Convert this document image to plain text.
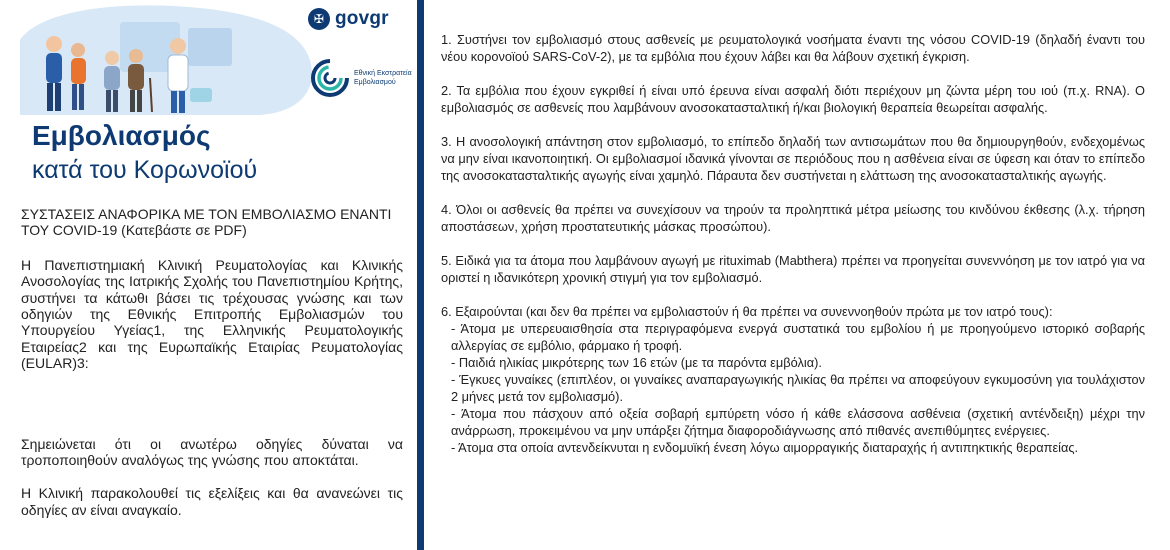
✠ govgr
Εθνική Εκστρατεία Εμβολιασμού
Εμβολιασμός
κατά του Κορωνοϊού

ΣΥΣΤΑΣΕΙΣ ΑΝΑΦΟΡΙΚΑ ΜΕ ΤΟΝ ΕΜΒΟΛΙΑΣΜΟ ΕΝΑΝΤΙ ΤΟΥ COVID-19 (Κατεβάστε σε PDF)

Η Πανεπιστημιακή Κλινική Ρευματολογίας και Κλινικής Ανοσολογίας της Ιατρικής Σχολής του Πανεπιστημίου Κρήτης, συστήνει τα κάτωθι βάσει τις τρέχουσας γνώσης και των οδηγιών της Εθνικής Επιτροπής Εμβολιασμών του Υπουργείου Υγείας1, της Ελληνικής Ρευματολογικής Εταιρείας2 και της Ευρωπαϊκής Εταιρίας Ρευματολογίας (EULAR)3:

Σημειώνεται ότι οι ανωτέρω οδηγίες δύναται να τροποποιηθούν αναλόγως της γνώσης που αποκτάται.

Η Κλινική παρακολουθεί τις εξελίξεις και θα ανανεώνει τις οδηγίες αν είναι αναγκαίο.

1. Συστήνει τον εμβολιασμό στους ασθενείς με ρευματολογικά νοσήματα έναντι της νόσου COVID-19 (δηλαδή έναντι του νέου κορονοϊού SARS-CoV-2), με τα εμβόλια που έχουν λάβει και θα λάβουν σχετική έγκριση.

2. Τα εμβόλια που έχουν εγκριθεί ή είναι υπό έρευνα είναι ασφαλή διότι περιέχουν μη ζώντα μέρη του ιού (π.χ. RNA). Ο εμβολιασμός σε ασθενείς που λαμβάνουν ανοσοκατασταλτική ή/και βιολογική θεραπεία θεωρείται ασφαλής.

3. Η ανοσολογική απάντηση στον εμβολιασμό, το επίπεδο δηλαδή των αντισωμάτων που θα δημιουργηθούν, ενδεχομένως να μην είναι ικανοποιητική. Οι εμβολιασμοί ιδανικά γίνονται σε περιόδους που η ασθένεια είναι σε ύφεση και όταν το επίπεδο της ανοσοκατασταλτικής αγωγής είναι χαμηλό. Πάραυτα δεν συστήνεται η ελάττωση της ανοσοκατασταλτικής αγωγής.

4. Όλοι οι ασθενείς θα πρέπει να συνεχίσουν να τηρούν τα προληπτικά μέτρα μείωσης του κινδύνου έκθεσης (λ.χ. τήρηση αποστάσεων, χρήση προστατευτικής μάσκας προσώπου).

5. Ειδικά για τα άτομα που λαμβάνουν αγωγή με rituximab (Mabthera) πρέπει να προηγείται συνεννόηση με τον ιατρό για να οριστεί η ιδανικότερη χρονική στιγμή για τον εμβολιασμό.

6. Εξαιρούνται (και δεν θα πρέπει να εμβολιαστούν ή θα πρέπει να συνεννοηθούν πρώτα με τον ιατρό τους):

- Άτομα με υπερευαισθησία στα περιγραφόμενα ενεργά συστατικά του εμβολίου ή με προηγούμενο ιστορικό σοβαρής αλλεργίας σε εμβόλιο, φάρμακο ή τροφή.

- Παιδιά ηλικίας μικρότερης των 16 ετών (με τα παρόντα εμβόλια).

- Έγκυες γυναίκες (επιπλέον, οι γυναίκες αναπαραγωγικής ηλικίας θα πρέπει να αποφεύγουν εγκυμοσύνη για τουλάχιστον 2 μήνες μετά τον εμβολιασμό).

- Άτομα που πάσχουν από οξεία σοβαρή εμπύρετη νόσο ή κάθε ελάσσονα ασθένεια (σχετική αντένδειξη) μέχρι την ανάρρωση, προκειμένου να μην υπάρξει ζήτημα διαφοροδιάγνωσης από πιθανές ανεπιθύμητες ενέργειες.

- Άτομα στα οποία αντενδείκνυται η ενδομυϊκή ένεση λόγω αιμορραγικής διαταραχής ή αντιπηκτικής θεραπείας.
